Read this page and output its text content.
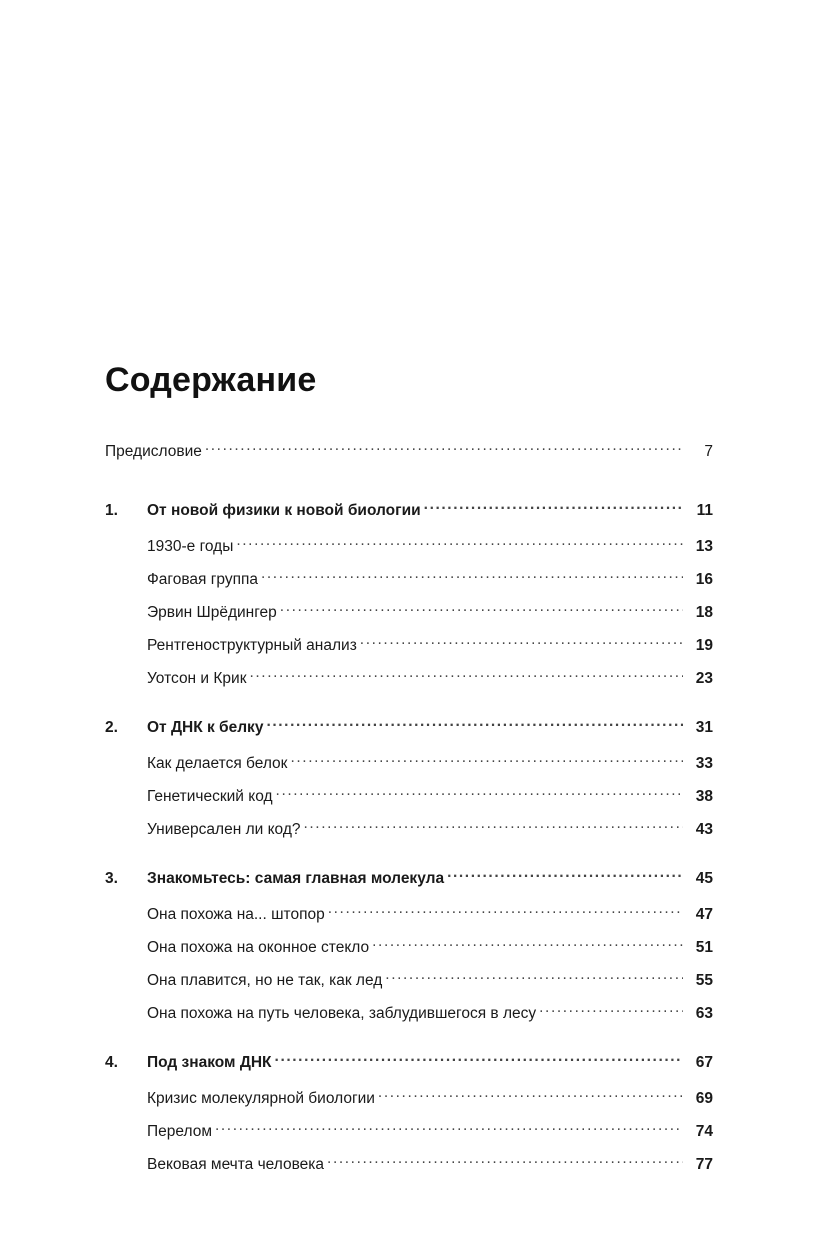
Содержание
Предисловие .....	7
1.	От новой физики к новой биологии .....	11
1930-е годы .....	13
Фаговая группа .....	16
Эрвин Шрёдингер .....	18
Рентгеноструктурный анализ .....	19
Уотсон и Крик .....	23
2.	От ДНК к белку .....	31
Как делается белок .....	33
Генетический код .....	38
Универсален ли код? .....	43
3.	Знакомьтесь: самая главная молекула .....	45
Она похожа на... штопор .....	47
Она похожа на оконное стекло .....	51
Она плавится, но не так, как лед .....	55
Она похожа на путь человека, заблудившегося в лесу .....	63
4.	Под знаком ДНК .....	67
Кризис молекулярной биологии .....	69
Перелом .....	74
Вековая мечта человека .....	77
